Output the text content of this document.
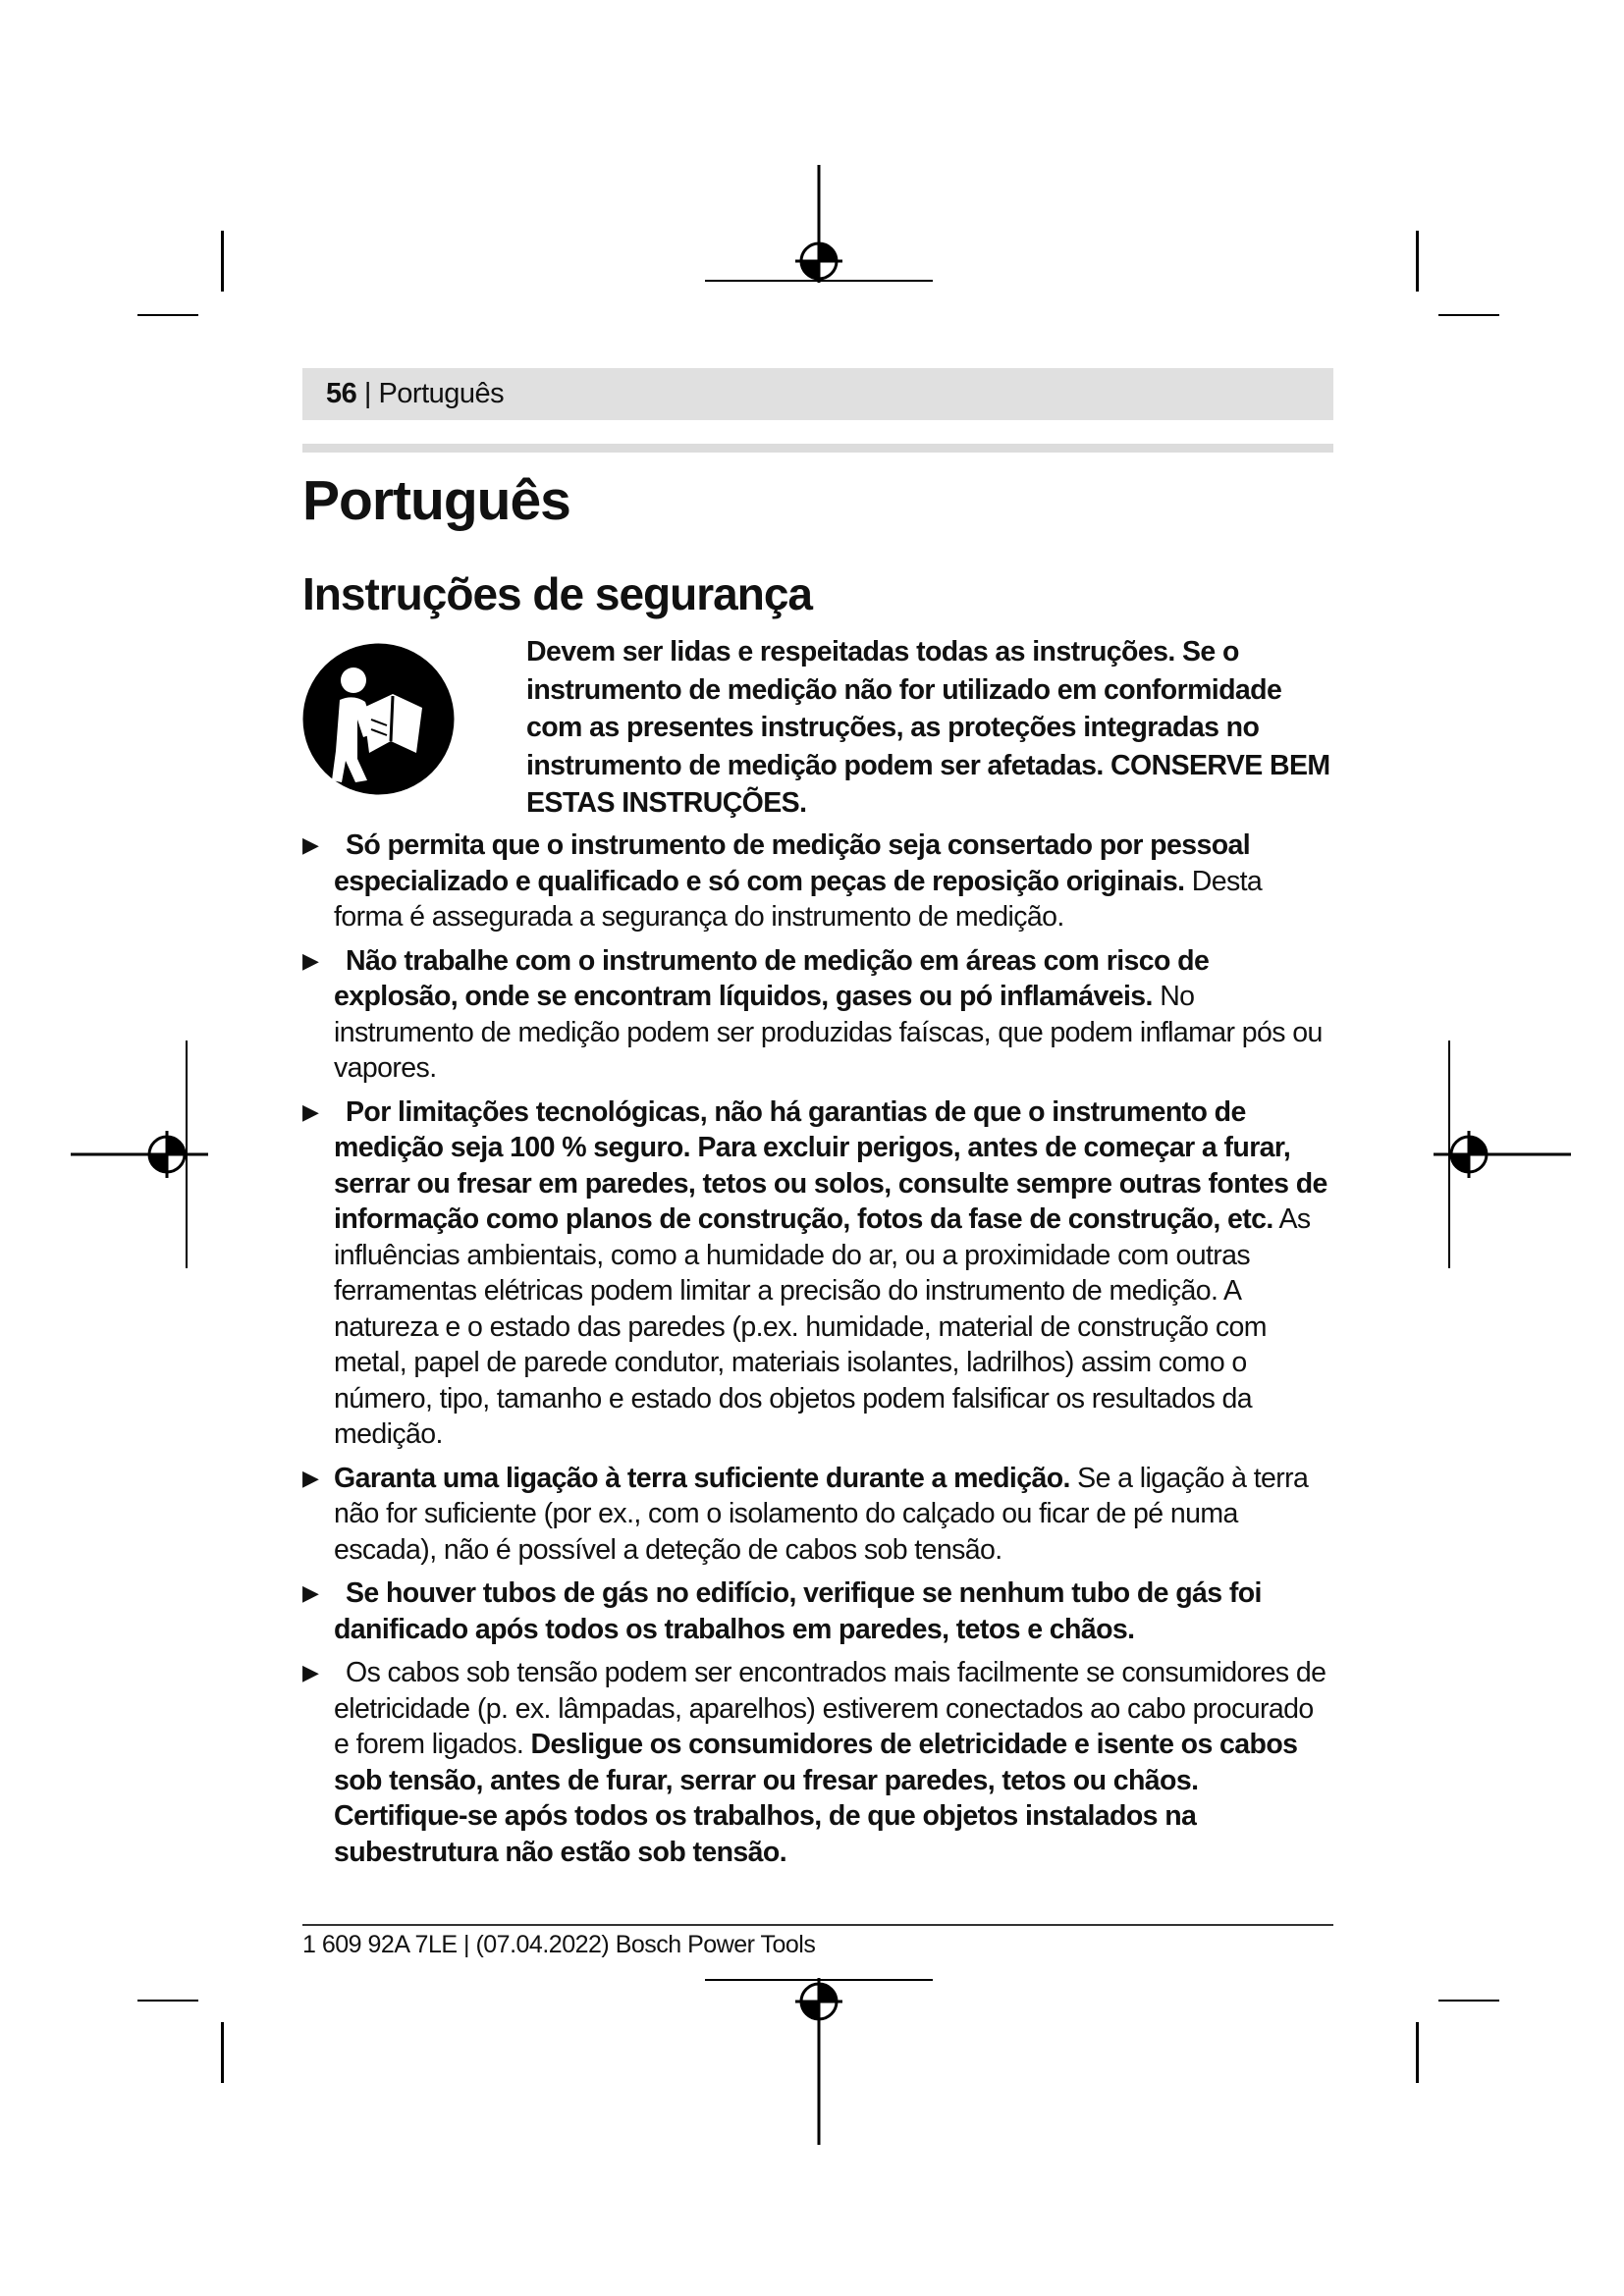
56 | Português
Português
Instruções de segurança
Devem ser lidas e respeitadas todas as instruções. Se o instrumento de medição não for utilizado em conformidade com as presentes instruções, as proteções integradas no instrumento de medição podem ser afetadas. CONSERVE BEM ESTAS INSTRUÇÕES.
▶ Só permita que o instrumento de medição seja consertado por pessoal especializado e qualificado e só com peças de reposição originais. Desta forma é assegurada a segurança do instrumento de medição.
▶ Não trabalhe com o instrumento de medição em áreas com risco de explosão, onde se encontram líquidos, gases ou pó inflamáveis. No instrumento de medição podem ser produzidas faíscas, que podem inflamar pós ou vapores.
▶ Por limitações tecnológicas, não há garantias de que o instrumento de medição seja 100 % seguro. Para excluir perigos, antes de começar a furar, serrar ou fresar em paredes, tetos ou solos, consulte sempre outras fontes de informação como planos de construção, fotos da fase de construção, etc. As influências ambientais, como a humidade do ar, ou a proximidade com outras ferramentas elétricas podem limitar a precisão do instrumento de medição. A natureza e o estado das paredes (p.ex. humidade, material de construção com metal, papel de parede condutor, materiais isolantes, ladrilhos) assim como o número, tipo, tamanho e estado dos objetos podem falsificar os resultados da medição.
▶ Garanta uma ligação à terra suficiente durante a medição. Se a ligação à terra não for suficiente (por ex., com o isolamento do calçado ou ficar de pé numa escada), não é possível a deteção de cabos sob tensão.
▶ Se houver tubos de gás no edifício, verifique se nenhum tubo de gás foi danificado após todos os trabalhos em paredes, tetos e chãos.
▶ Os cabos sob tensão podem ser encontrados mais facilmente se consumidores de eletricidade (p. ex. lâmpadas, aparelhos) estiverem conectados ao cabo procurado e forem ligados. Desligue os consumidores de eletricidade e isente os cabos sob tensão, antes de furar, serrar ou fresar paredes, tetos ou chãos. Certifique-se após todos os trabalhos, de que objetos instalados na subestrutura não estão sob tensão.
1 609 92A 7LE | (07.04.2022) Bosch Power Tools
